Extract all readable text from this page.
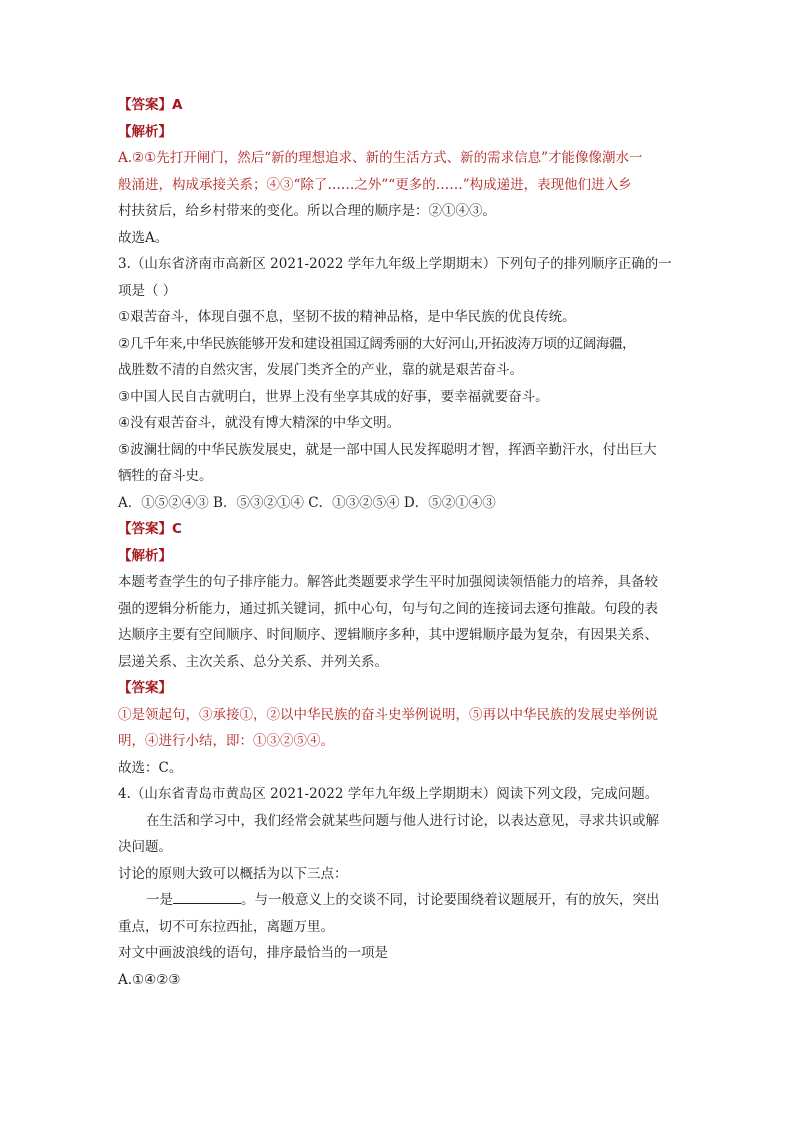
【答案】A
【解析】
A.②①先打开闸门，然后“新的理想追求、新的生活方式、新的需求信息”才能像像潮水一
般涌进，构成承接关系；④③“除了……之外”“更多的……”构成递进，表现他们进入乡
村扶贫后，给乡村带来的变化。所以合理的顺序是：②①④③。
故选A。
3.（山东省济南市高新区 2021-2022 学年九年级上学期期末）下列句子的排列顺序正确的一
项是（ ）
①艰苦奋斗，体现自强不息，坚韧不拔的精神品格，是中华民族的优良传统。
②几千年来,中华民族能够开发和建设祖国辽阔秀丽的大好河山,开拓波涛万顷的辽阔海疆，
战胜数不清的自然灾害，发展门类齐全的产业，靠的就是艰苦奋斗。
③中国人民自古就明白，世界上没有坐享其成的好事，要幸福就要奋斗。
④没有艰苦奋斗，就没有博大精深的中华文明。
⑤波澜壮阔的中华民族发展史，就是一部中国人民发挥聪明才智，挥洒辛勤汗水，付出巨大
牺牲的奋斗史。
A．①⑤②④③ B．⑤③②①④ C．①③②⑤④ D．⑤②①④③
【答案】C
【解析】
本题考查学生的句子排序能力。解答此类题要求学生平时加强阅读领悟能力的培养，具备较
强的逻辑分析能力，通过抓关键词，抓中心句，句与句之间的连接词去逐句推敲。句段的表
达顺序主要有空间顺序、时间顺序、逻辑顺序多种，其中逻辑顺序最为复杂，有因果关系、
层递关系、主次关系、总分关系、并列关系。
【答案】
①是领起句，③承接①，②以中华民族的奋斗史举例说明，⑤再以中华民族的发展史举例说
明，④进行小结，即：①③②⑤④。
故选：C。
4.（山东省青岛市黄岛区 2021-2022 学年九年级上学期期末）阅读下列文段，完成问题。
在生活和学习中，我们经常会就某些问题与他人进行讨论，以表达意见，寻求共识或解
决问题。
讨论的原则大致可以概括为以下三点：
一是	。与一般意义上的交谈不同，讨论要围绕着议题展开，有的放矢，突出
重点，切不可东拉西扯，离题万里。
对文中画波浪线的语句，排序最恰当的一项是
A.①④②③
